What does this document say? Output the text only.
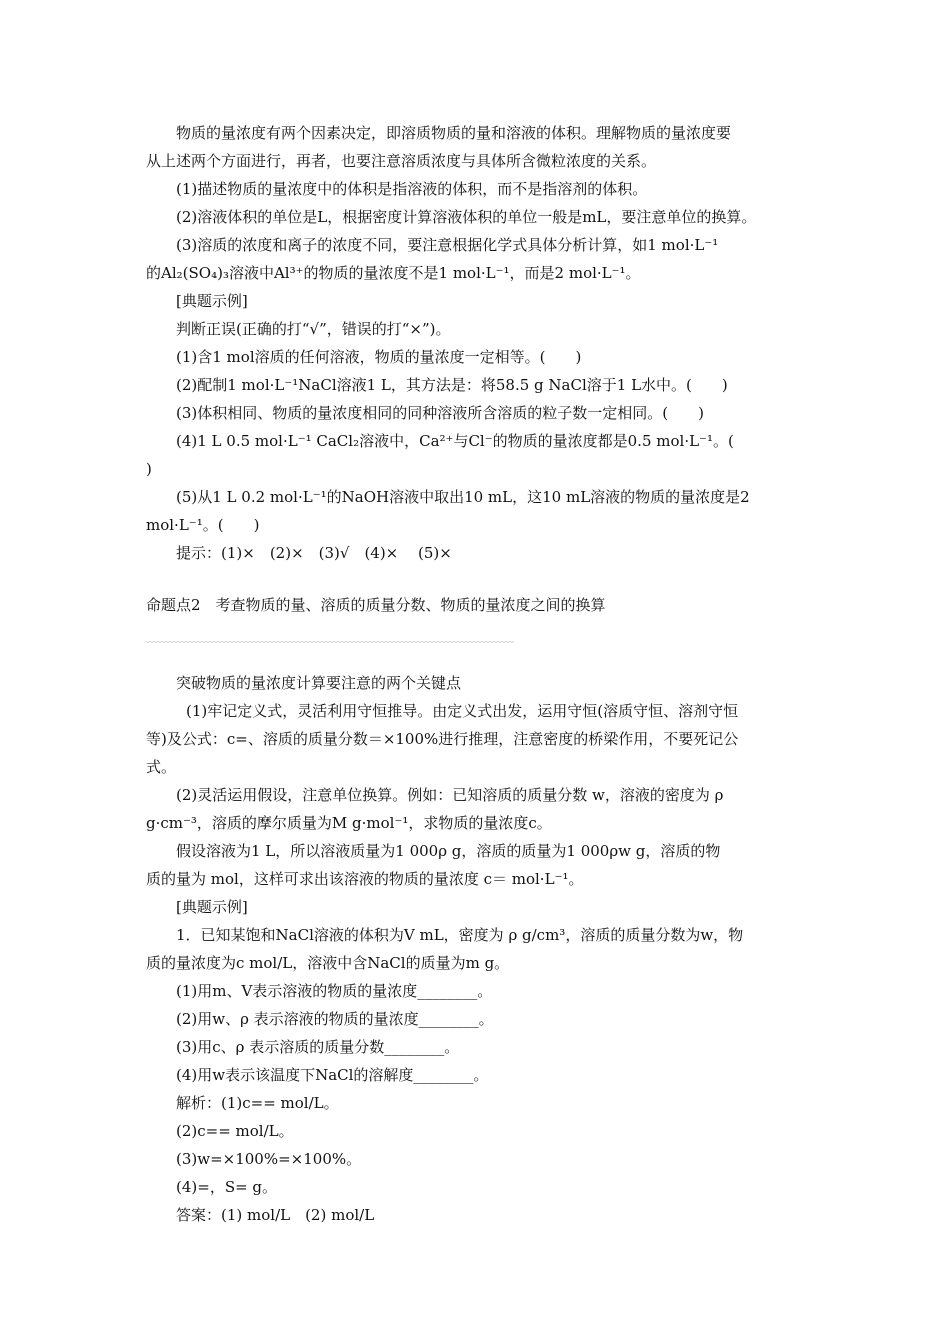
物质的量浓度有两个因素决定，即溶质物质的量和溶液的体积。理解物质的量浓度要
从上述两个方面进行，再者，也要注意溶质浓度与具体所含微粒浓度的关系。
(1)描述物质的量浓度中的体积是指溶液的体积，而不是指溶剂的体积。
(2)溶液体积的单位是L，根据密度计算溶液体积的单位一般是mL，要注意单位的换算。
(3)溶质的浓度和离子的浓度不同，要注意根据化学式具体分析计算，如1 mol·L⁻¹
的Al₂(SO₄)₃溶液中Al³⁺的物质的量浓度不是1 mol·L⁻¹，而是2 mol·L⁻¹。
[典题示例]
判断正误(正确的打“√”，错误的打“×”)。
(1)含1 mol溶质的任何溶液，物质的量浓度一定相等。(　　)
(2)配制1 mol·L⁻¹NaCl溶液1 L，其方法是：将58.5 g NaCl溶于1 L水中。(　　)
(3)体积相同、物质的量浓度相同的同种溶液所含溶质的粒子数一定相同。(　　)
(4)1 L 0.5 mol·L⁻¹ CaCl₂溶液中，Ca²⁺与Cl⁻的物质的量浓度都是0.5 mol·L⁻¹。(
)
(5)从1 L 0.2 mol·L⁻¹的NaOH溶液中取出10 mL，这10 mL溶液的物质的量浓度是2
mol·L⁻¹。(　　)
提示：(1)×　(2)×　(3)√　(4)×　 (5)×
命题点2　考查物质的量、溶质的质量分数、物质的量浓度之间的换算
〰〰〰〰〰〰〰〰〰〰〰〰〰〰〰〰〰〰〰〰〰〰〰〰〰〰〰〰〰〰〰〰〰〰〰〰〰〰〰〰〰〰〰〰〰〰
突破物质的量浓度计算要注意的两个关键点
(1)牢记定义式，灵活利用守恒推导。由定义式出发，运用守恒(溶质守恒、溶剂守恒
等)及公式：c=、溶质的质量分数＝×100%进行推理，注意密度的桥梁作用，不要死记公
式。
(2)灵活运用假设，注意单位换算。例如：已知溶质的质量分数 w，溶液的密度为 ρ
g·cm⁻³，溶质的摩尔质量为M g·mol⁻¹，求物质的量浓度c。
假设溶液为1 L，所以溶液质量为1 000ρ g，溶质的质量为1 000ρw g，溶质的物
质的量为 mol，这样可求出该溶液的物质的量浓度 c＝ mol·L⁻¹。
[典题示例]
1．已知某饱和NaCl溶液的体积为V mL，密度为 ρ g/cm³，溶质的质量分数为w，物
质的量浓度为c mol/L，溶液中含NaCl的质量为m g。
(1)用m、V表示溶液的物质的量浓度________。
(2)用w、ρ 表示溶液的物质的量浓度________。
(3)用c、ρ 表示溶质的质量分数________。
(4)用w表示该温度下NaCl的溶解度________。
解析：(1)c== mol/L。
(2)c== mol/L。
(3)w=×100%=×100%。
(4)=，S= g。
答案：(1) mol/L　(2) mol/L
